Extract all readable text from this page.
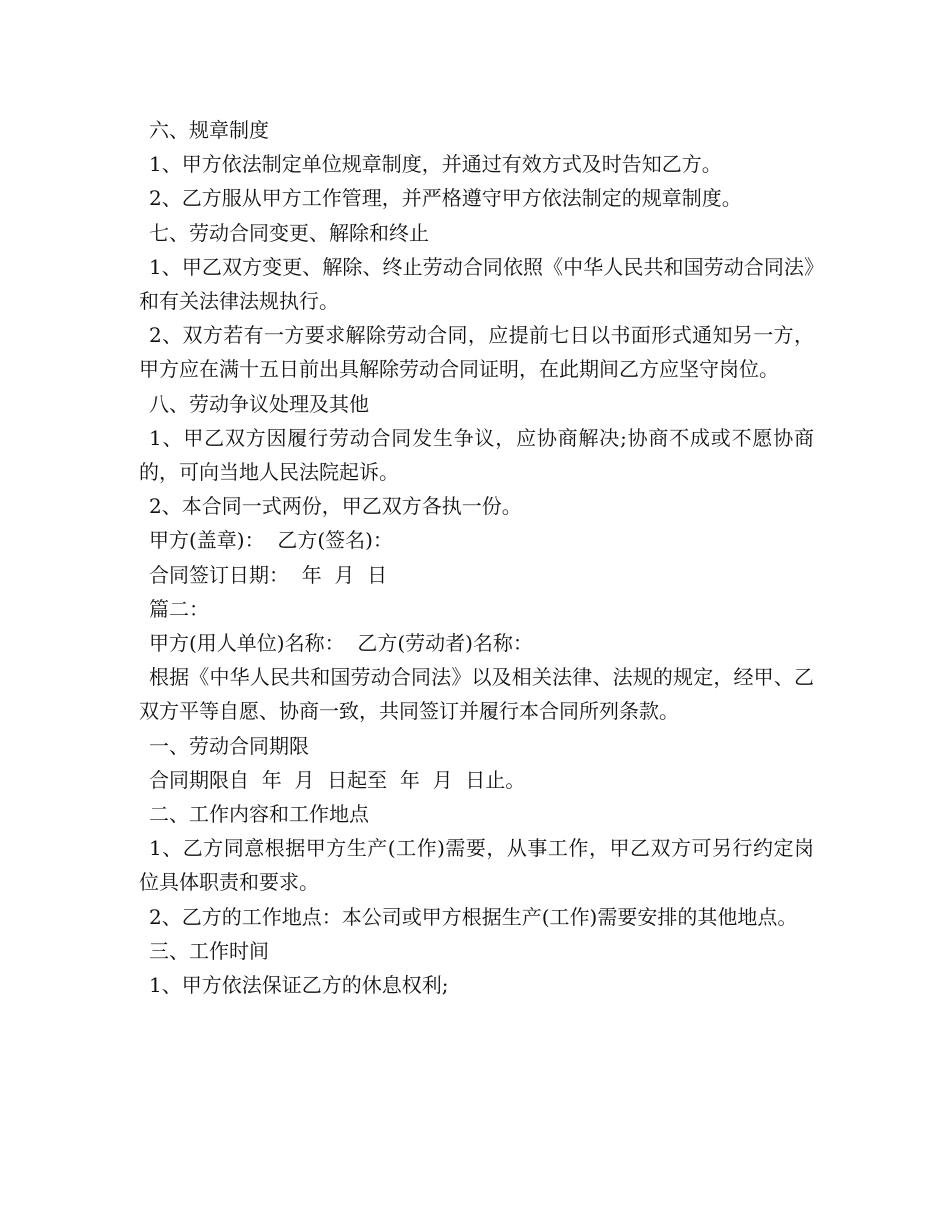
六、规章制度

1、甲方依法制定单位规章制度，并通过有效方式及时告知乙方。

2、乙方服从甲方工作管理，并严格遵守甲方依法制定的规章制度。

七、劳动合同变更、解除和终止

1、甲乙双方变更、解除、终止劳动合同依照《中华人民共和国劳动合同法》和有关法律法规执行。

2、双方若有一方要求解除劳动合同，应提前七日以书面形式通知另一方，甲方应在满十五日前出具解除劳动合同证明，在此期间乙方应坚守岗位。

八、劳动争议处理及其他

1、甲乙双方因履行劳动合同发生争议，应协商解决;协商不成或不愿协商的，可向当地人民法院起诉。

2、本合同一式两份，甲乙双方各执一份。

甲方(盖章)：  乙方(签名)：

合同签订日期：  年  月  日

篇二：

甲方(用人单位)名称：  乙方(劳动者)名称：

根据《中华人民共和国劳动合同法》以及相关法律、法规的规定，经甲、乙双方平等自愿、协商一致，共同签订并履行本合同所列条款。

一、劳动合同期限

合同期限自  年  月  日起至  年  月  日止。

二、工作内容和工作地点

1、乙方同意根据甲方生产(工作)需要，从事工作，甲乙双方可另行约定岗位具体职责和要求。

2、乙方的工作地点：本公司或甲方根据生产(工作)需要安排的其他地点。

三、工作时间

1、甲方依法保证乙方的休息权利;
